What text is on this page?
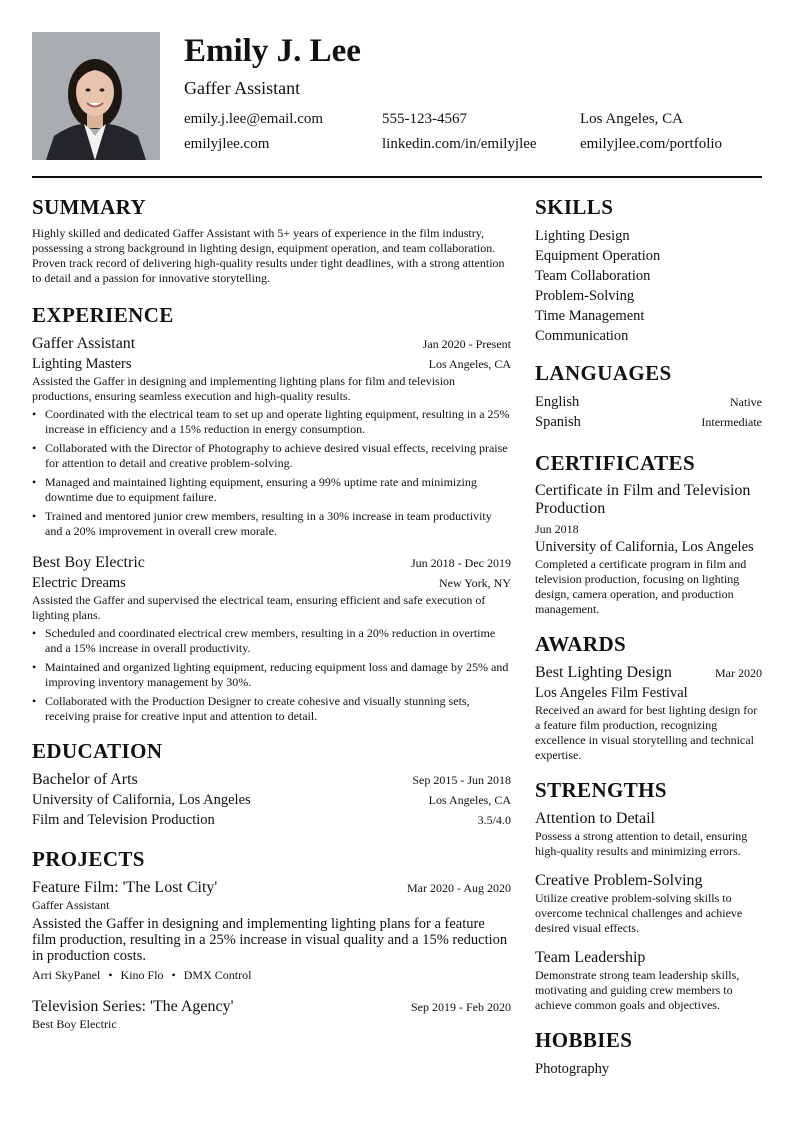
Emily J. Lee
Gaffer Assistant
emily.j.lee@email.com	555-123-4567	Los Angeles, CA
emilyjlee.com	linkedin.com/in/emilyjlee	emilyjlee.com/portfolio
SUMMARY
Highly skilled and dedicated Gaffer Assistant with 5+ years of experience in the film industry, possessing a strong background in lighting design, equipment operation, and team collaboration. Proven track record of delivering high-quality results under tight deadlines, with a strong attention to detail and a passion for innovative storytelling.
EXPERIENCE
Gaffer Assistant	Jan 2020 - Present
Lighting Masters	Los Angeles, CA
Assisted the Gaffer in designing and implementing lighting plans for film and television productions, ensuring seamless execution and high-quality results.
• Coordinated with the electrical team to set up and operate lighting equipment, resulting in a 25% increase in efficiency and a 15% reduction in energy consumption.
• Collaborated with the Director of Photography to achieve desired visual effects, receiving praise for attention to detail and creative problem-solving.
• Managed and maintained lighting equipment, ensuring a 99% uptime rate and minimizing downtime due to equipment failure.
• Trained and mentored junior crew members, resulting in a 30% increase in team productivity and a 20% improvement in overall crew morale.
Best Boy Electric	Jun 2018 - Dec 2019
Electric Dreams	New York, NY
Assisted the Gaffer and supervised the electrical team, ensuring efficient and safe execution of lighting plans.
• Scheduled and coordinated electrical crew members, resulting in a 20% reduction in overtime and a 15% increase in overall productivity.
• Maintained and organized lighting equipment, reducing equipment loss and damage by 25% and improving inventory management by 30%.
• Collaborated with the Production Designer to create cohesive and visually stunning sets, receiving praise for creative input and attention to detail.
EDUCATION
Bachelor of Arts	Sep 2015 - Jun 2018
University of California, Los Angeles	Los Angeles, CA
Film and Television Production	3.5/4.0
PROJECTS
Feature Film: 'The Lost City'	Mar 2020 - Aug 2020
Gaffer Assistant
Assisted the Gaffer in designing and implementing lighting plans for a feature film production, resulting in a 25% increase in visual quality and a 15% reduction in production costs.
Arri SkyPanel • Kino Flo • DMX Control
Television Series: 'The Agency'	Sep 2019 - Feb 2020
Best Boy Electric
SKILLS
Lighting Design
Equipment Operation
Team Collaboration
Problem-Solving
Time Management
Communication
LANGUAGES
English	Native
Spanish	Intermediate
CERTIFICATES
Certificate in Film and Television Production
Jun 2018
University of California, Los Angeles
Completed a certificate program in film and television production, focusing on lighting design, camera operation, and production management.
AWARDS
Best Lighting Design	Mar 2020
Los Angeles Film Festival
Received an award for best lighting design for a feature film production, recognizing excellence in visual storytelling and technical expertise.
STRENGTHS
Attention to Detail
Possess a strong attention to detail, ensuring high-quality results and minimizing errors.
Creative Problem-Solving
Utilize creative problem-solving skills to overcome technical challenges and achieve desired visual effects.
Team Leadership
Demonstrate strong team leadership skills, motivating and guiding crew members to achieve common goals and objectives.
HOBBIES
Photography
